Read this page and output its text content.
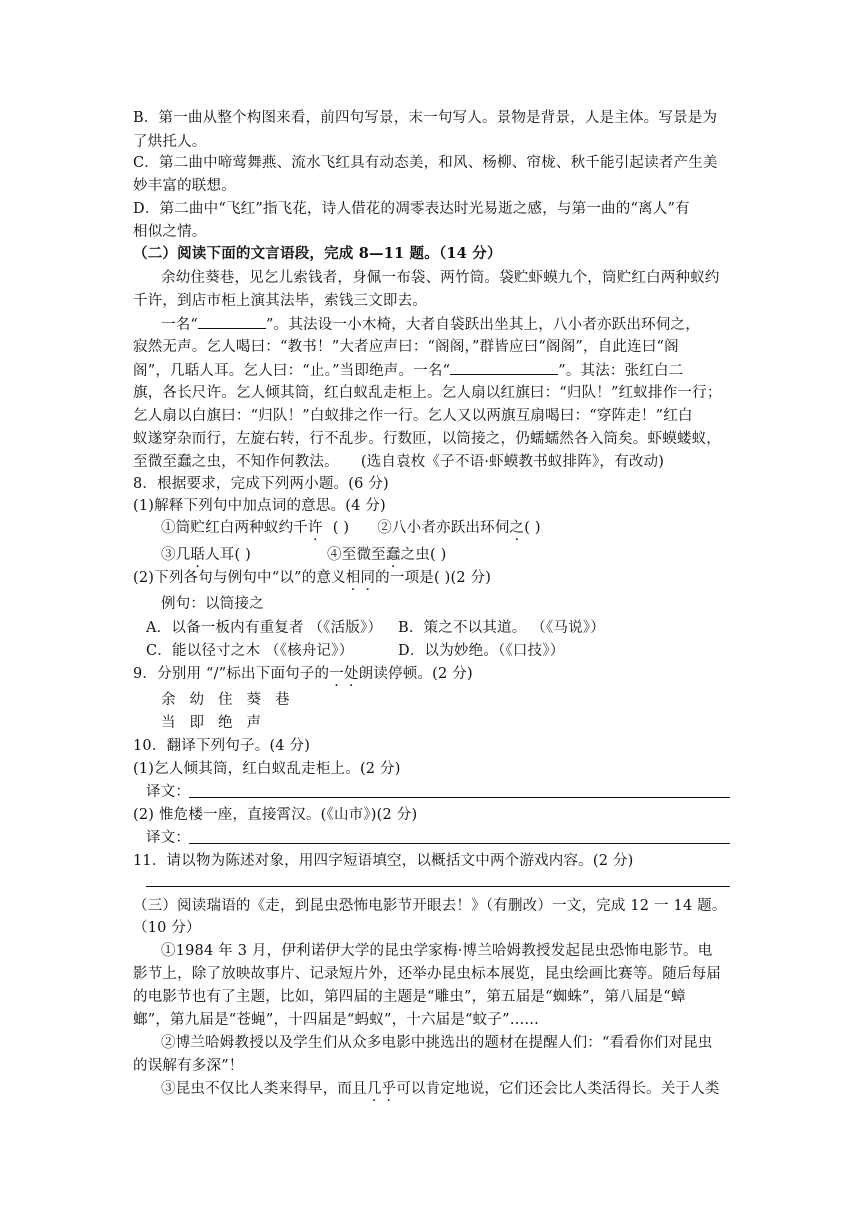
B．第一曲从整个构图来看，前四句写景，末一句写人。景物是背景，人是主体。写景是为
了烘托人。
C．第二曲中啼莺舞燕、流水飞红具有动态美，和风、杨柳、帘栊、秋千能引起读者产生美
妙丰富的联想。
D．第二曲中“飞红”指飞花，诗人借花的凋零表达时光易逝之感，与第一曲的“离人”有
相似之情。
（二）阅读下面的文言语段，完成 8—11 题。（14 分）
余幼住葵巷，见乞儿索钱者，身佩一布袋、两竹筒。袋贮虾蟆九个，筒贮红白两种蚁约
千许，到店市柜上演其法毕，索钱三文即去。
一名“	”。其法设一小木椅，大者自袋跃出坐其上，八小者亦跃出环伺之，
寂然无声。乞人喝曰：“教书！”大者应声曰：“阁阁，”群皆应曰“阁阁”，自此连曰“阁
阁”，几聒人耳。乞人曰：“止。”当即绝声。一名“	”。其法：张红白二
旗，各长尺许。乞人倾其筒，红白蚁乱走柜上。乞人扇以红旗曰：“归队！”红蚁排作一行；
乞人扇以白旗曰：“归队！”白蚁排之作一行。乞人又以两旗互扇喝曰：“穿阵走！”红白
蚁遂穿杂而行，左旋右转，行不乱步。行数匝，以筒接之，仍蠕蠕然各入筒矣。虾蟆蝼蚁，
至微至蠢之虫，不知作何教法。 (选自袁枚《子不语·虾蟆教书蚁排阵》，有改动)
8．根据要求，完成下列两小题。(6 分)
(1)解释下列句中加点词的意思。(4 分)
①筒贮红白两种蚁约千许 ( ) ②八小者亦跃出环伺之( )
③几聒人耳( )	④至微至蠢之虫( )
(2)下列各句与例句中“以”的意义相同的一项是( )(2 分)
例句：以筒接之
A．以备一板内有重复者 （《活版》） B．策之不以其道。 （《马说》）
C．能以径寸之木 （《核舟记》）	D．以为妙绝。（《口技》）
9．分别用 “/”标出下面句子的一处朗读停顿。(2 分)
余幼住葵巷
当即绝声
10．翻译下列句子。(4 分)
(1)乞人倾其筒，红白蚁乱走柜上。(2 分)
译文：
(2) 惟危楼一座，直接霄汉。(《山市》)(2 分)
译文：
11．请以物为陈述对象，用四字短语填空，以概括文中两个游戏内容。(2 分)
（三）阅读瑞语的《走，到昆虫恐怖电影节开眼去！》（有删改）一文，完成 12 一 14 题。
（10 分）
①1984 年 3 月，伊利诺伊大学的昆虫学家梅·博兰哈姆教授发起昆虫恐怖电影节。电
影节上，除了放映故事片、记录短片外，还举办昆虫标本展览，昆虫绘画比赛等。随后每届
的电影节也有了主题，比如，第四届的主题是“雕虫”，第五届是“蜘蛛”，第八届是“蟑
螂”，第九届是“苍蝇”，十四届是“蚂蚁”，十六届是“蚊子”……
②博兰哈姆教授以及学生们从众多电影中挑选出的题材在提醒人们：“看看你们对昆虫
的误解有多深”！
③昆虫不仅比人类来得早，而且几乎可以肯定地说，它们还会比人类活得长。关于人类
